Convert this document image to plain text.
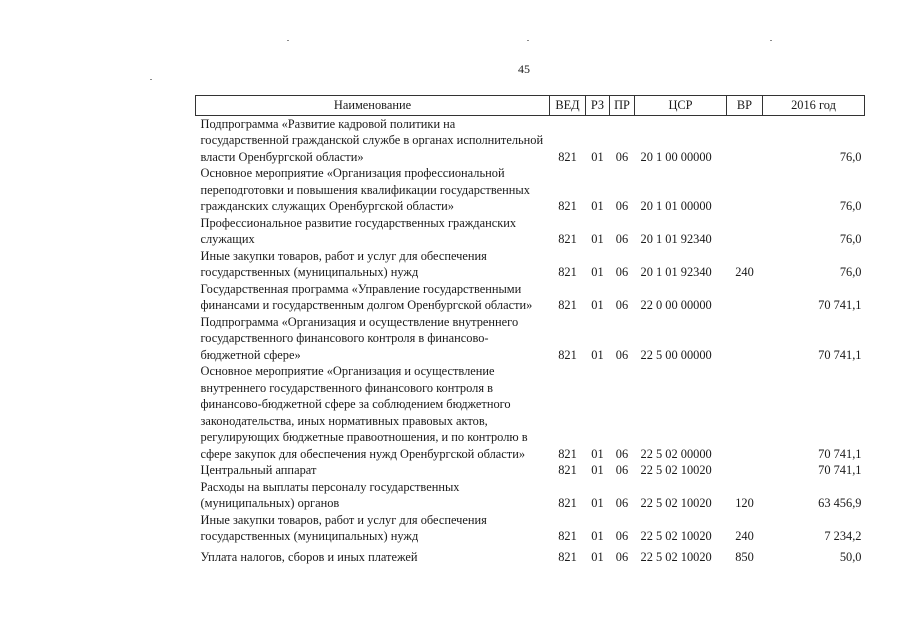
45
Наименование	ВЕД	РЗ	ПР	ЦСР	ВР	2016 год
Подпрограмма «Развитие кадровой политики на государственной гражданской службе в органах исполнительной власти Оренбургской области»	821	01	06	20 1 00 00000		76,0
Основное мероприятие «Организация профессиональной переподготовки и повышения квалификации государственных гражданских служащих Оренбургской области»	821	01	06	20 1 01 00000		76,0
Профессиональное развитие государственных гражданских служащих	821	01	06	20 1 01 92340		76,0
Иные закупки товаров, работ и услуг для обеспечения государственных (муниципальных) нужд	821	01	06	20 1 01 92340	240	76,0
Государственная программа «Управление государственными финансами и государственным долгом Оренбургской области»	821	01	06	22 0 00 00000		70 741,1
Подпрограмма «Организация и осуществление внутреннего государственного финансового контроля в финансово-бюджетной сфере»	821	01	06	22 5 00 00000		70 741,1
Основное мероприятие «Организация и осуществление внутреннего государственного финансового контроля в финансово-бюджетной сфере за соблюдением бюджетного законодательства, иных нормативных правовых актов, регулирующих бюджетные правоотношения, и по контролю в сфере закупок для обеспечения нужд Оренбургской области»	821	01	06	22 5 02 00000		70 741,1
Центральный аппарат	821	01	06	22 5 02 10020		70 741,1
Расходы на выплаты персоналу государственных (муниципальных) органов	821	01	06	22 5 02 10020	120	63 456,9
Иные закупки товаров, работ и услуг для обеспечения государственных (муниципальных) нужд	821	01	06	22 5 02 10020	240	7 234,2
Уплата налогов, сборов и иных платежей	821	01	06	22 5 02 10020	850	50,0
